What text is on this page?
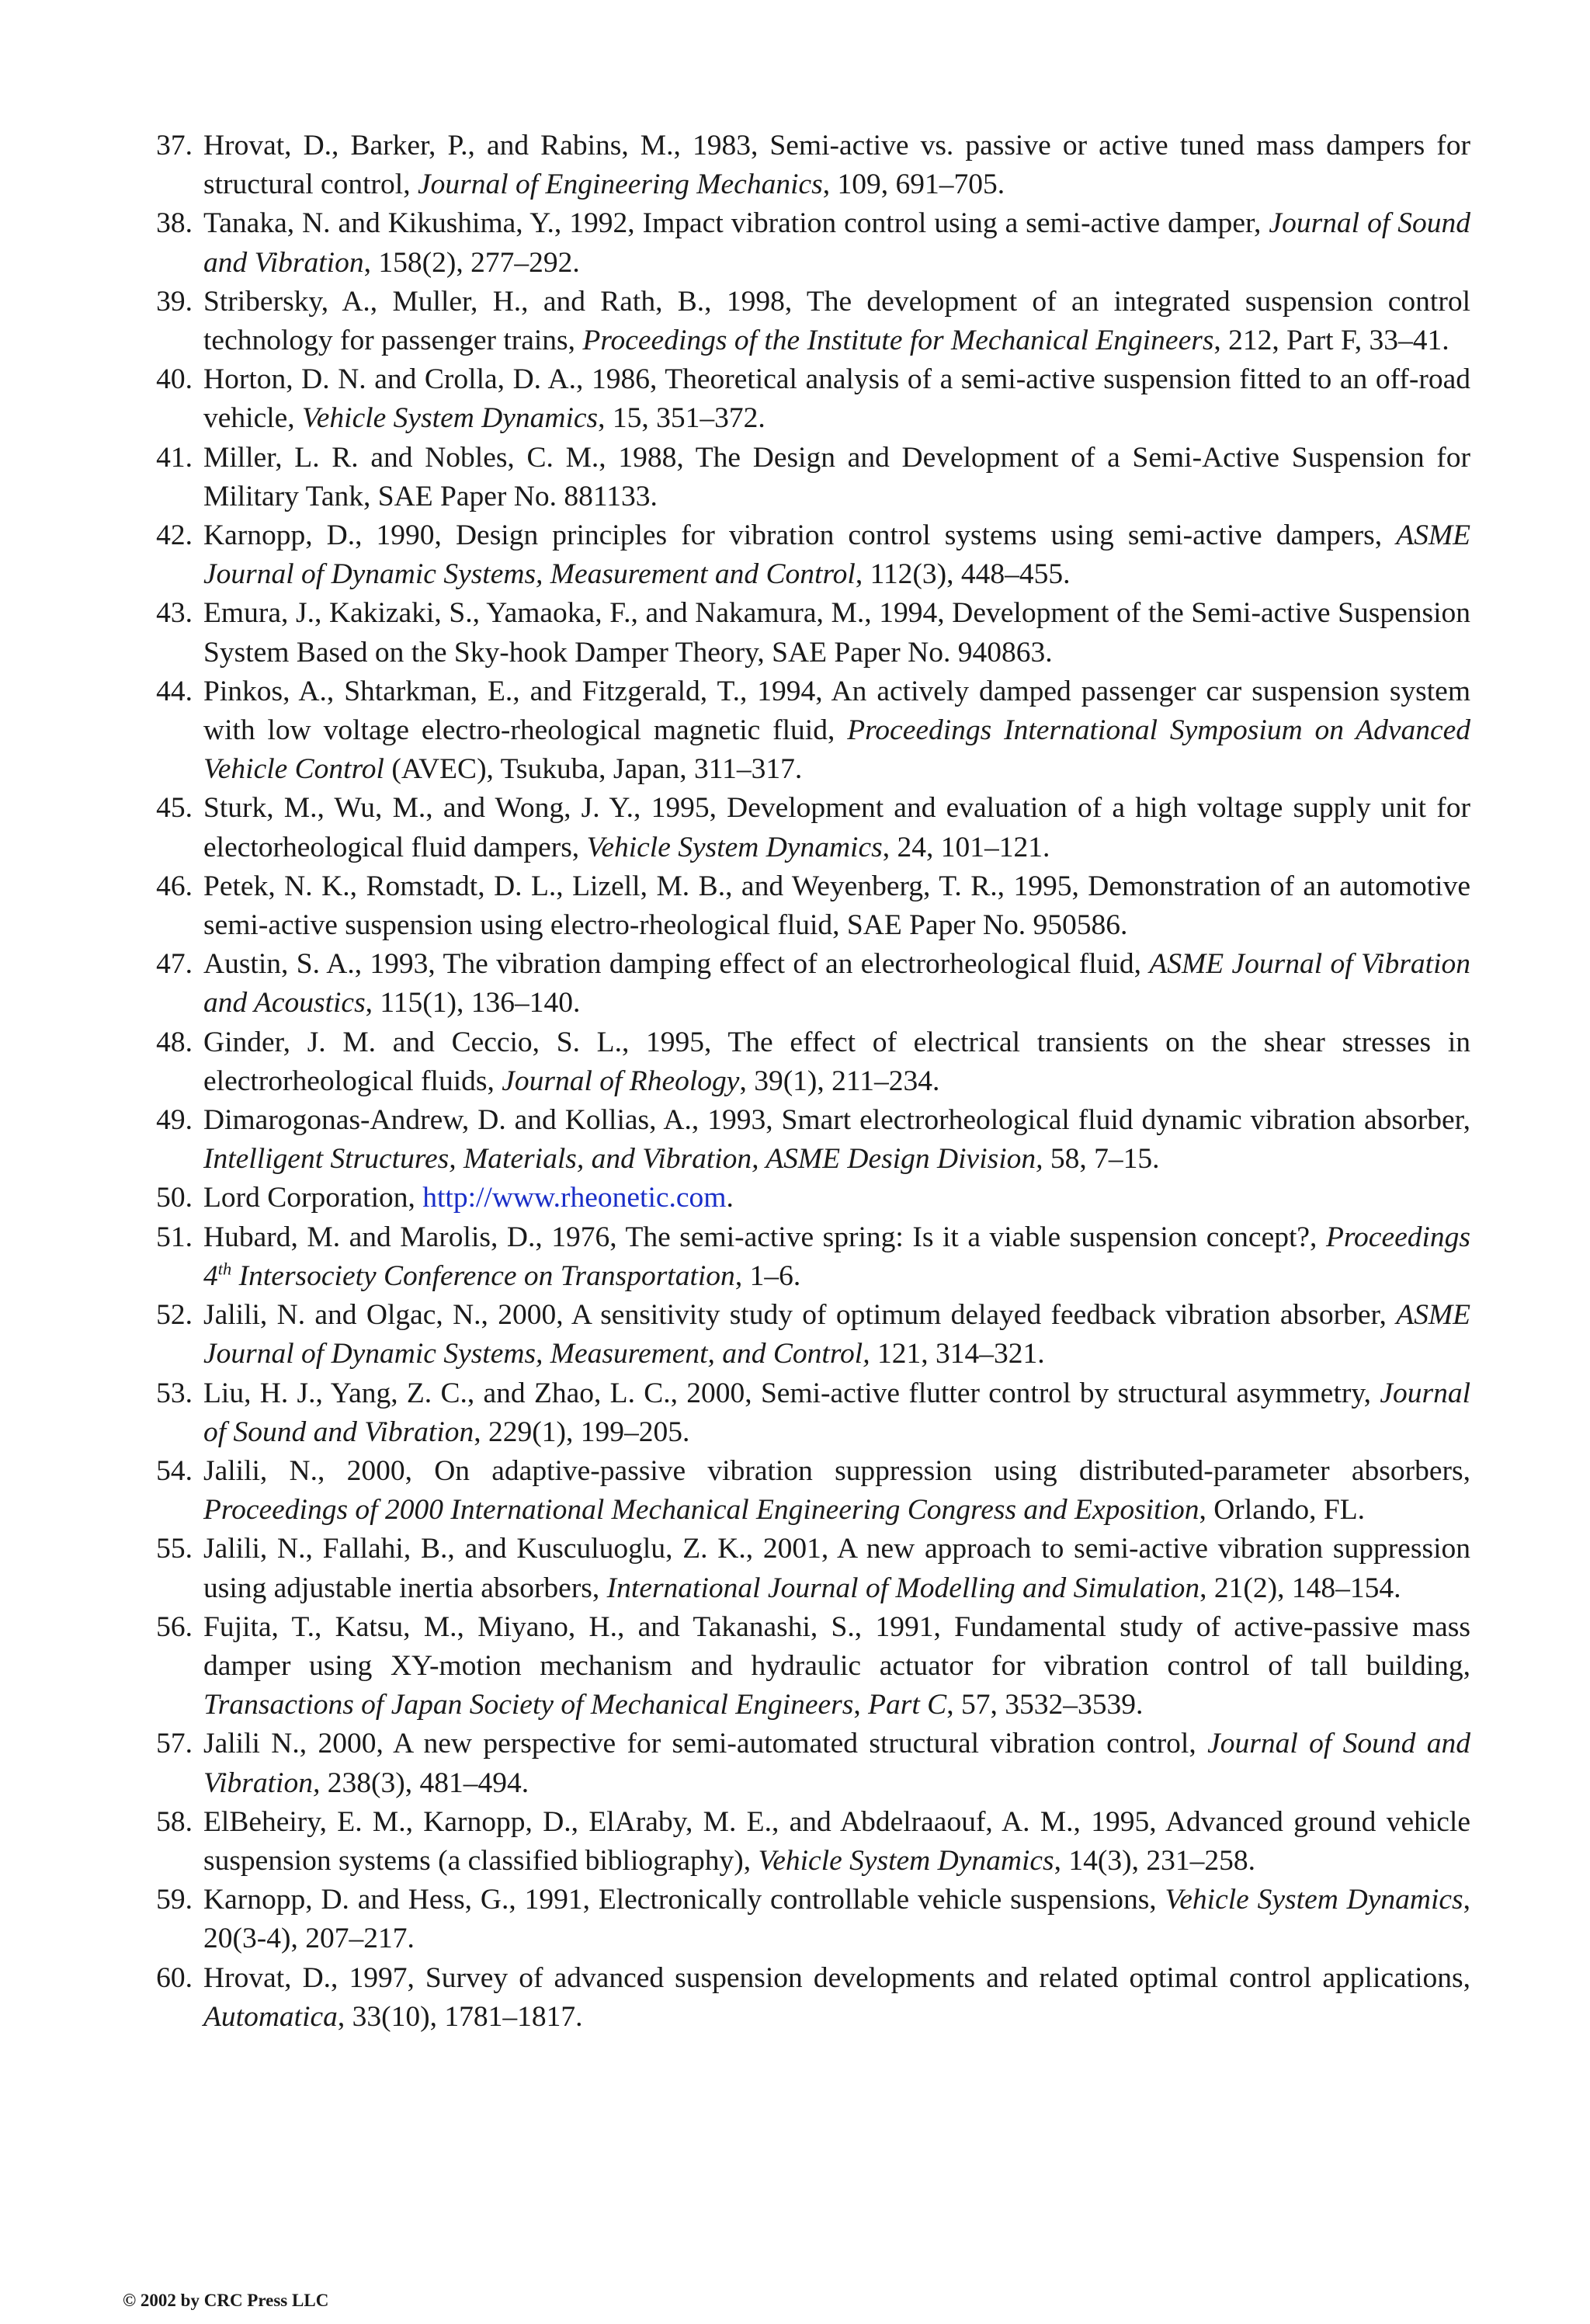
37. Hrovat, D., Barker, P., and Rabins, M., 1983, Semi-active vs. passive or active tuned mass dampers for structural control, Journal of Engineering Mechanics, 109, 691–705.
38. Tanaka, N. and Kikushima, Y., 1992, Impact vibration control using a semi-active damper, Journal of Sound and Vibration, 158(2), 277–292.
39. Stribersky, A., Muller, H., and Rath, B., 1998, The development of an integrated suspension control technology for passenger trains, Proceedings of the Institute for Mechanical Engineers, 212, Part F, 33–41.
40. Horton, D. N. and Crolla, D. A., 1986, Theoretical analysis of a semi-active suspension fitted to an off-road vehicle, Vehicle System Dynamics, 15, 351–372.
41. Miller, L. R. and Nobles, C. M., 1988, The Design and Development of a Semi-Active Suspension for Military Tank, SAE Paper No. 881133.
42. Karnopp, D., 1990, Design principles for vibration control systems using semi-active dampers, ASME Journal of Dynamic Systems, Measurement and Control, 112(3), 448–455.
43. Emura, J., Kakizaki, S., Yamaoka, F., and Nakamura, M., 1994, Development of the Semi-active Suspension System Based on the Sky-hook Damper Theory, SAE Paper No. 940863.
44. Pinkos, A., Shtarkman, E., and Fitzgerald, T., 1994, An actively damped passenger car suspension system with low voltage electro-rheological magnetic fluid, Proceedings International Symposium on Advanced Vehicle Control (AVEC), Tsukuba, Japan, 311–317.
45. Sturk, M., Wu, M., and Wong, J. Y., 1995, Development and evaluation of a high voltage supply unit for electorheological fluid dampers, Vehicle System Dynamics, 24, 101–121.
46. Petek, N. K., Romstadt, D. L., Lizell, M. B., and Weyenberg, T. R., 1995, Demonstration of an automotive semi-active suspension using electro-rheological fluid, SAE Paper No. 950586.
47. Austin, S. A., 1993, The vibration damping effect of an electrorheological fluid, ASME Journal of Vibration and Acoustics, 115(1), 136–140.
48. Ginder, J. M. and Ceccio, S. L., 1995, The effect of electrical transients on the shear stresses in electrorheological fluids, Journal of Rheology, 39(1), 211–234.
49. Dimarogonas-Andrew, D. and Kollias, A., 1993, Smart electrorheological fluid dynamic vibration absorber, Intelligent Structures, Materials, and Vibration, ASME Design Division, 58, 7–15.
50. Lord Corporation, http://www.rheonetic.com.
51. Hubard, M. and Marolis, D., 1976, The semi-active spring: Is it a viable suspension concept?, Proceedings 4th Intersociety Conference on Transportation, 1–6.
52. Jalili, N. and Olgac, N., 2000, A sensitivity study of optimum delayed feedback vibration absorber, ASME Journal of Dynamic Systems, Measurement, and Control, 121, 314–321.
53. Liu, H. J., Yang, Z. C., and Zhao, L. C., 2000, Semi-active flutter control by structural asymmetry, Journal of Sound and Vibration, 229(1), 199–205.
54. Jalili, N., 2000, On adaptive-passive vibration suppression using distributed-parameter absorbers, Proceedings of 2000 International Mechanical Engineering Congress and Exposition, Orlando, FL.
55. Jalili, N., Fallahi, B., and Kusculuoglu, Z. K., 2001, A new approach to semi-active vibration suppression using adjustable inertia absorbers, International Journal of Modelling and Simulation, 21(2), 148–154.
56. Fujita, T., Katsu, M., Miyano, H., and Takanashi, S., 1991, Fundamental study of active-passive mass damper using XY-motion mechanism and hydraulic actuator for vibration control of tall building, Transactions of Japan Society of Mechanical Engineers, Part C, 57, 3532–3539.
57. Jalili N., 2000, A new perspective for semi-automated structural vibration control, Journal of Sound and Vibration, 238(3), 481–494.
58. ElBeheiry, E. M., Karnopp, D., ElAraby, M. E., and Abdelraaouf, A. M., 1995, Advanced ground vehicle suspension systems (a classified bibliography), Vehicle System Dynamics, 14(3), 231–258.
59. Karnopp, D. and Hess, G., 1991, Electronically controllable vehicle suspensions, Vehicle System Dynamics, 20(3-4), 207–217.
60. Hrovat, D., 1997, Survey of advanced suspension developments and related optimal control applications, Automatica, 33(10), 1781–1817.
© 2002 by CRC Press LLC
